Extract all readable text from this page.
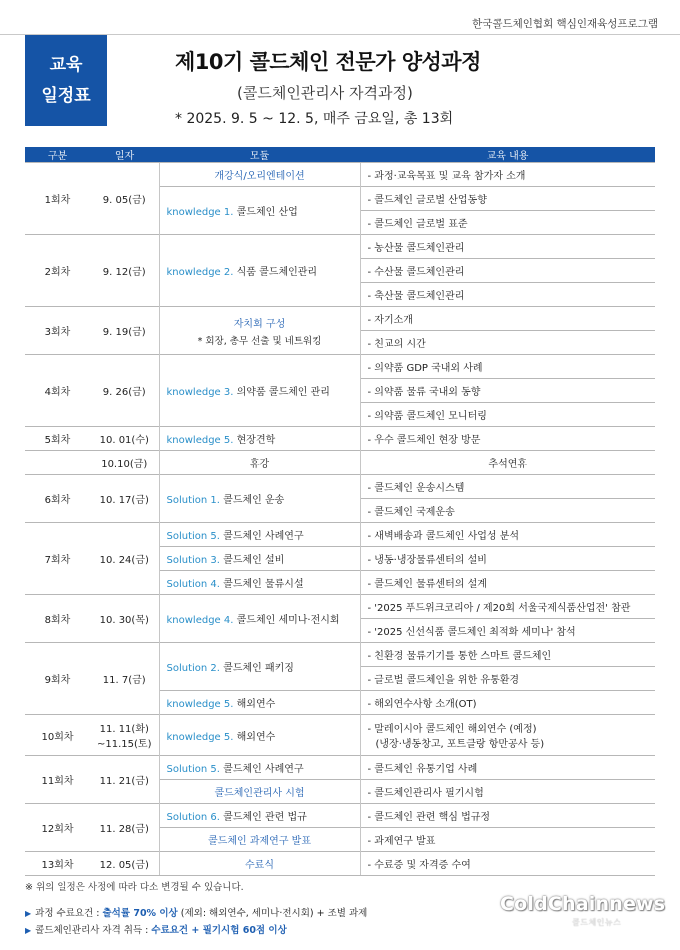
한국콜드체인협회 핵심인재육성프로그램
교육
일정표
제10기 콜드체인 전문가 양성과정
(콜드체인관리사 자격과정)
* 2025. 9. 5 ~ 12. 5, 매주 금요일, 총 13회
구분	일자	모듈	교육 내용
1회차	9. 05(금)	개강식/오리엔테이션	- 과정·교육목표 및 교육 참가자 소개
		knowledge 1. 콜드체인 산업	- 콜드체인 글로벌 산업동향
			- 콜드체인 글로벌 표준
2회차	9. 12(금)	knowledge 2. 식품 콜드체인관리	- 농산물 콜드체인관리
			- 수산물 콜드체인관리
			- 축산물 콜드체인관리
3회차	9. 19(금)	자치회 구성
* 회장, 총무 선출 및 네트워킹	- 자기소개
			- 친교의 시간
4회차	9. 26(금)	knowledge 3. 의약품 콜드체인 관리	- 의약품 GDP 국내외 사례
			- 의약품 물류 국내외 동향
			- 의약품 콜드체인 모니터링
5회차	10. 01(수)	knowledge 5. 현장견학	- 우수 콜드체인 현장 방문
	10.10(금)	휴강	추석연휴
6회차	10. 17(금)	Solution 1. 콜드체인 운송	- 콜드체인 운송시스템
			- 콜드체인 국제운송
7회차	10. 24(금)	Solution 5. 콜드체인 사례연구	- 새벽배송과 콜드체인 사업성 분석
		Solution 3. 콜드체인 설비	- 냉동·냉장물류센터의 설비
		Solution 4. 콜드체인 물류시설	- 콜드체인 물류센터의 설계
8회차	10. 30(목)	knowledge 4. 콜드체인 세미나·전시회	- '2025 푸드위크코리아 / 제20회 서울국제식품산업전' 참관
			- '2025 신선식품 콜드체인 최적화 세미나' 참석
9회차	11. 7(금)	Solution 2. 콜드체인 패키징	- 친환경 물류기기를 통한 스마트 콜드체인
			- 글로벌 콜드체인을 위한 유통환경
		knowledge 5. 해외연수	- 해외연수사항 소개(OT)
10회차	11. 11(화)
~11.15(토)	knowledge 5. 해외연수	- 말레이시아 콜드체인 해외연수 (예정)
(냉장·냉동창고, 포트클랑 항만공사 등)
11회차	11. 21(금)	Solution 5. 콜드체인 사례연구	- 콜드체인 유통기업 사례
		콜드체인관리사 시험	- 콜드체인관리사 필기시험
12회차	11. 28(금)	Solution 6. 콜드체인 관련 법규	- 콜드체인 관련 핵심 법규정
		콜드체인 과제연구 발표	- 과제연구 발표
13회차	12. 05(금)	수료식	- 수료증 및 자격증 수여
※ 위의 일정은 사정에 따라 다소 변경될 수 있습니다.
▶ 과정 수료요건 : 출석률 70% 이상 (제외: 해외연수, 세미나·전시회) + 조별 과제
▶ 콜드체인관리사 자격 취득 : 수료요건 + 필기시험 60점 이상
ColdChainnews
콜드체인뉴스
